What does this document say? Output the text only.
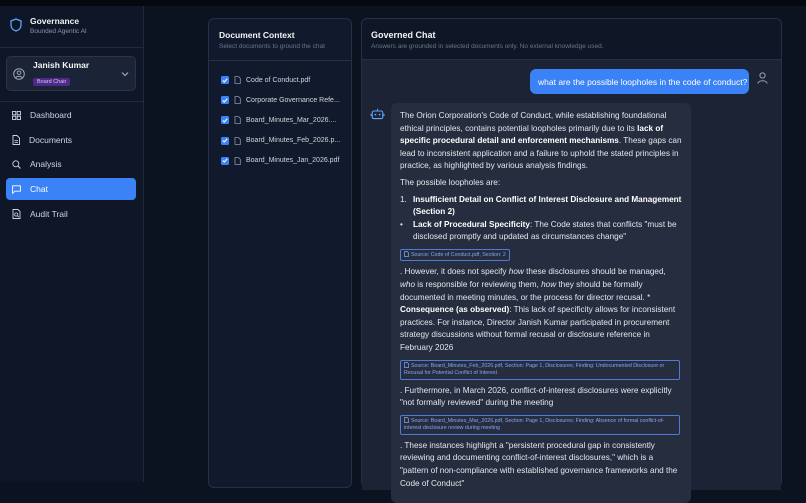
Governance
Bounded Agentic AI
Janish Kumar
Board Chair
Dashboard
Documents
Analysis
Chat
Audit Trail
Document Context
Select documents to ground the chat
Code of Conduct.pdf
Corporate Governance Refe...
Board_Minutes_Mar_2026....
Board_Minutes_Feb_2026.p...
Board_Minutes_Jan_2026.pdf
Governed Chat
Answers are grounded in selected documents only. No external knowledge used.
what are the possible loopholes in the code of conduct?

The Orion Corporation's Code of Conduct, while establishing foundational ethical principles, contains potential loopholes primarily due to its lack of specific procedural detail and enforcement mechanisms. These gaps can lead to inconsistent application and a failure to uphold the stated principles in practice, as highlighted by various analysis findings.

The possible loopholes are:

1. Insufficient Detail on Conflict of Interest Disclosure and Management (Section 2)
•	Lack of Procedural Specificity: The Code states that conflicts "must be disclosed promptly and updated as circumstances change"
Source: Code of Conduct.pdf, Section: 2

. However, it does not specify how these disclosures should be managed, who is responsible for reviewing them, how they should be formally documented in meeting minutes, or the process for director recusal. * Consequence (as observed): This lack of specificity allows for inconsistent practices. For instance, Director Janish Kumar participated in procurement strategy discussions without formal recusal or disclosure reference in February 2026

Source: Board_Minutes_Feb_2026.pdf, Section: Page 1, Disclosures; Finding: Undocumented Disclosure or Recusal for Potential Conflict of Interest

. Furthermore, in March 2026, conflict-of-interest disclosures were explicitly "not formally reviewed" during the meeting

Source: Board_Minutes_Mar_2026.pdf, Section: Page 1, Disclosures; Finding: Absence of formal conflict-of-interest disclosure review during meeting

. These instances highlight a "persistent procedural gap in consistently reviewing and documenting conflict-of-interest disclosures," which is a "pattern of non-compliance with established governance frameworks and the Code of Conduct"
